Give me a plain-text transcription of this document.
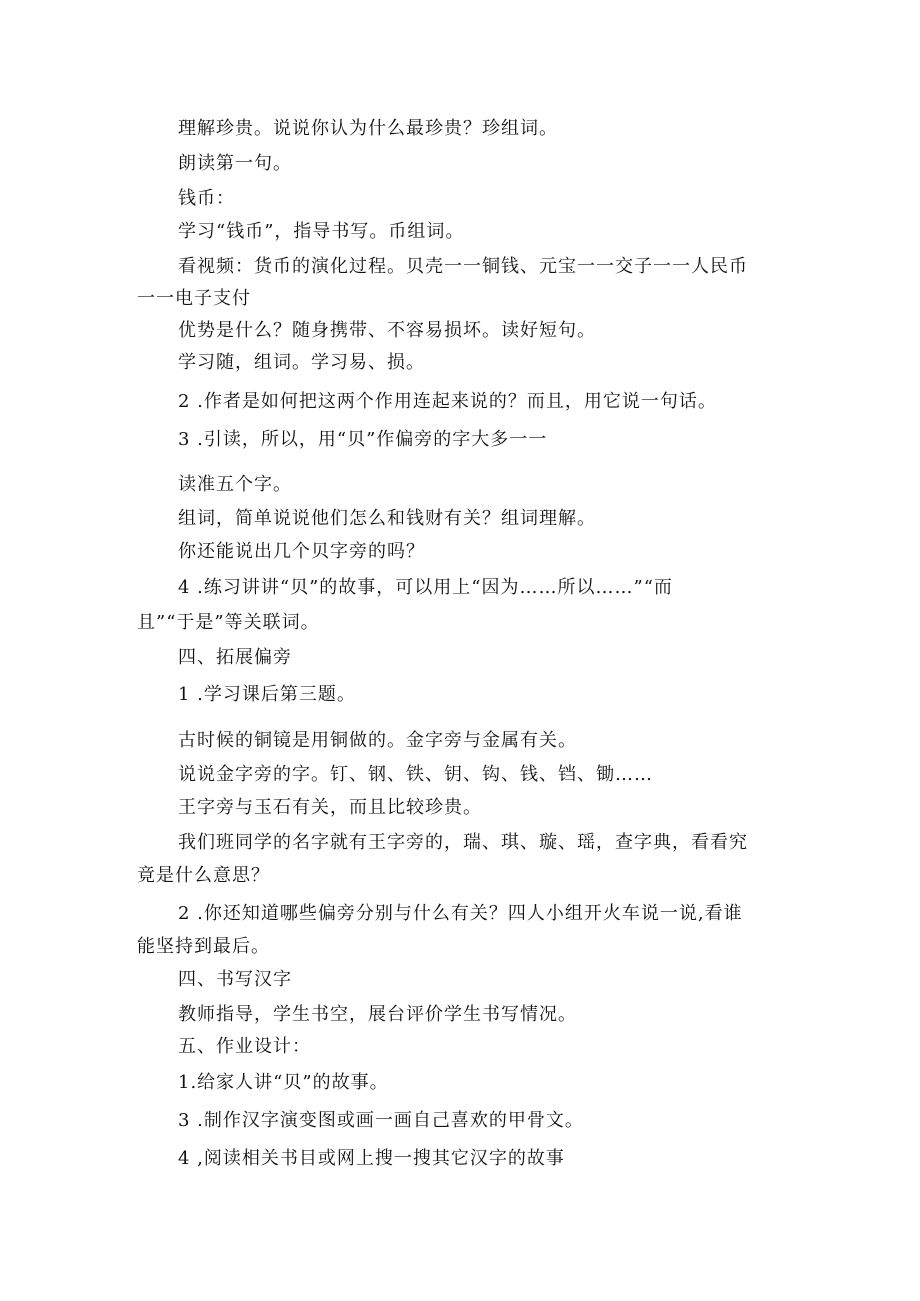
理解珍贵。说说你认为什么最珍贵？珍组词。
朗读第一句。
钱币：
学习“钱币”，指导书写。币组词。
看视频：货币的演化过程。贝壳一一铜钱、元宝一一交子一一人民币
一一电子支付
优势是什么？随身携带、不容易损坏。读好短句。
学习随，组词。学习易、损。
2 .作者是如何把这两个作用连起来说的？而且，用它说一句话。
3 .引读，所以，用“贝”作偏旁的字大多一一
读准五个字。
组词，简单说说他们怎么和钱财有关？组词理解。
你还能说出几个贝字旁的吗？
4 .练习讲讲“贝”的故事，可以用上“因为……所以……”“而
且”“于是”等关联词。
四、拓展偏旁
1 .学习课后第三题。
古时候的铜镜是用铜做的。金字旁与金属有关。
说说金字旁的字。钉、钢、铁、钥、钩、钱、铛、锄……
王字旁与玉石有关，而且比较珍贵。
我们班同学的名字就有王字旁的，瑞、琪、璇、瑶，查字典，看看究
竟是什么意思？
2 .你还知道哪些偏旁分别与什么有关？四人小组开火车说一说,看谁
能坚持到最后。
四、书写汉字
教师指导，学生书空，展台评价学生书写情况。
五、作业设计：
1.给家人讲“贝”的故事。
3 .制作汉字演变图或画一画自己喜欢的甲骨文。
4 ,阅读相关书目或网上搜一搜其它汉字的故事
